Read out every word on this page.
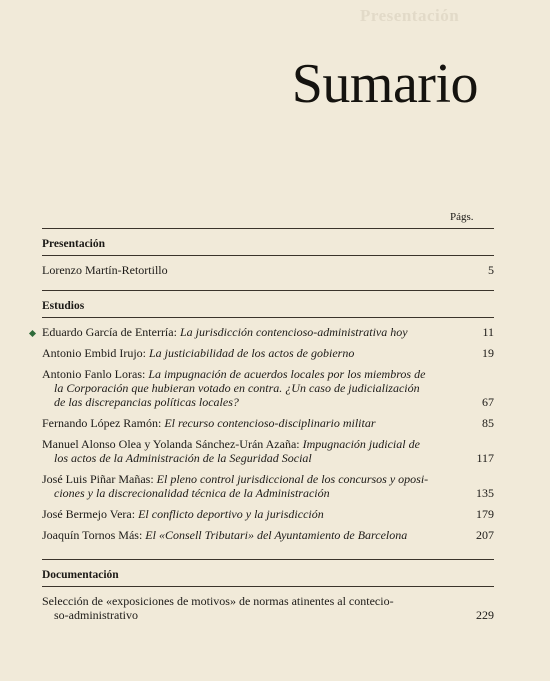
Presentación
Sumario
Págs.
Presentación
Lorenzo Martín-Retortillo	5
Estudios
Eduardo García de Enterría: La jurisdicción contencioso-administrativa hoy	11
Antonio Embid Irujo: La justiciabilidad de los actos de gobierno	19
Antonio Fanlo Loras: La impugnación de acuerdos locales por los miembros de
la Corporación que hubieran votado en contra. ¿Un caso de judicialización
de las discrepancias políticas locales?	67
Fernando López Ramón: El recurso contencioso-disciplinario militar	85
Manuel Alonso Olea y Yolanda Sánchez-Urán Azaña: Impugnación judicial de
los actos de la Administración de la Seguridad Social	117
José Luis Piñar Mañas: El pleno control jurisdiccional de los concursos y oposi-
ciones y la discrecionalidad técnica de la Administración	135
José Bermejo Vera: El conflicto deportivo y la jurisdicción	179
Joaquín Tornos Más: El «Consell Tributari» del Ayuntamiento de Barcelona	207
Documentación
Selección de «exposiciones de motivos» de normas atinentes al contecio-
so-administrativo	229
